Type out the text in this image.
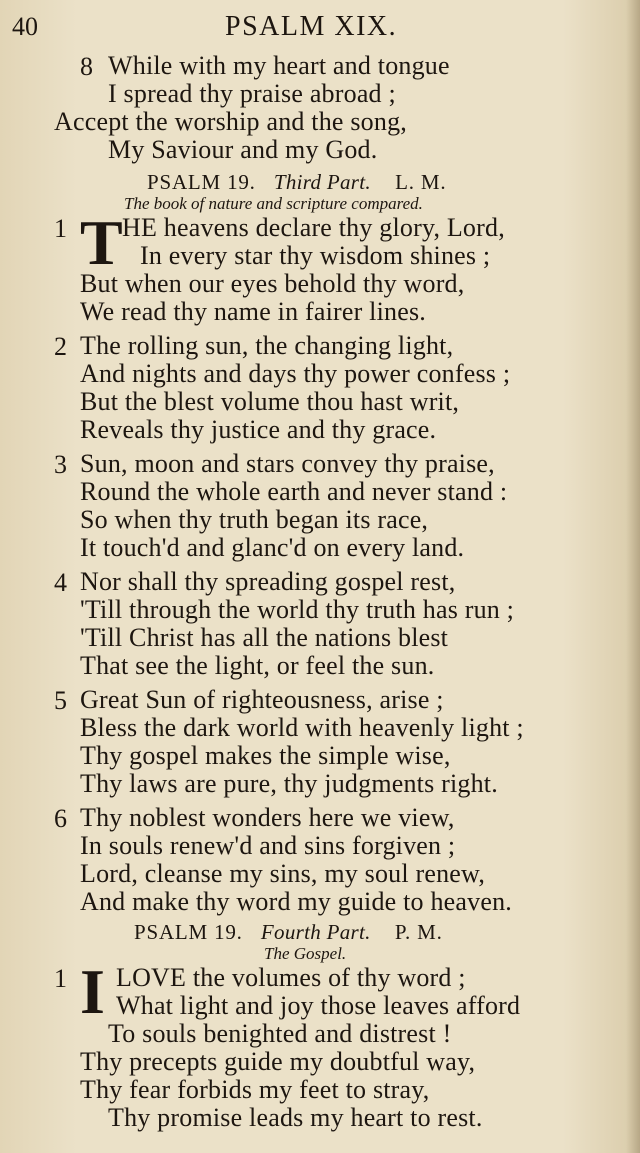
40	PSALM XIX.
8 While with my heart and tongue
I spread thy praise abroad ;
Accept the worship and the song,
My Saviour and my God.
PSALM 19. Third Part. L. M.
The book of nature and scripture compared.
1 T HE heavens declare thy glory, Lord,
In every star thy wisdom shines ;
But when our eyes behold thy word,
We read thy name in fairer lines.
2 The rolling sun, the changing light,
And nights and days thy power confess ;
But the blest volume thou hast writ,
Reveals thy justice and thy grace.
3 Sun, moon and stars convey thy praise,
Round the whole earth and never stand :
So when thy truth began its race,
It touch'd and glanc'd on every land.
4 Nor shall thy spreading gospel rest,
'Till through the world thy truth has run ;
'Till Christ has all the nations blest
That see the light, or feel the sun.
5 Great Sun of righteousness, arise ;
Bless the dark world with heavenly light ;
Thy gospel makes the simple wise,
Thy laws are pure, thy judgments right.
6 Thy noblest wonders here we view,
In souls renew'd and sins forgiven ;
Lord, cleanse my sins, my soul renew,
And make thy word my guide to heaven.
PSALM 19. Fourth Part. P. M.
The Gospel.
1 I LOVE the volumes of thy word ;
What light and joy those leaves afford
To souls benighted and distrest !
Thy precepts guide my doubtful way,
Thy fear forbids my feet to stray,
Thy promise leads my heart to rest.
